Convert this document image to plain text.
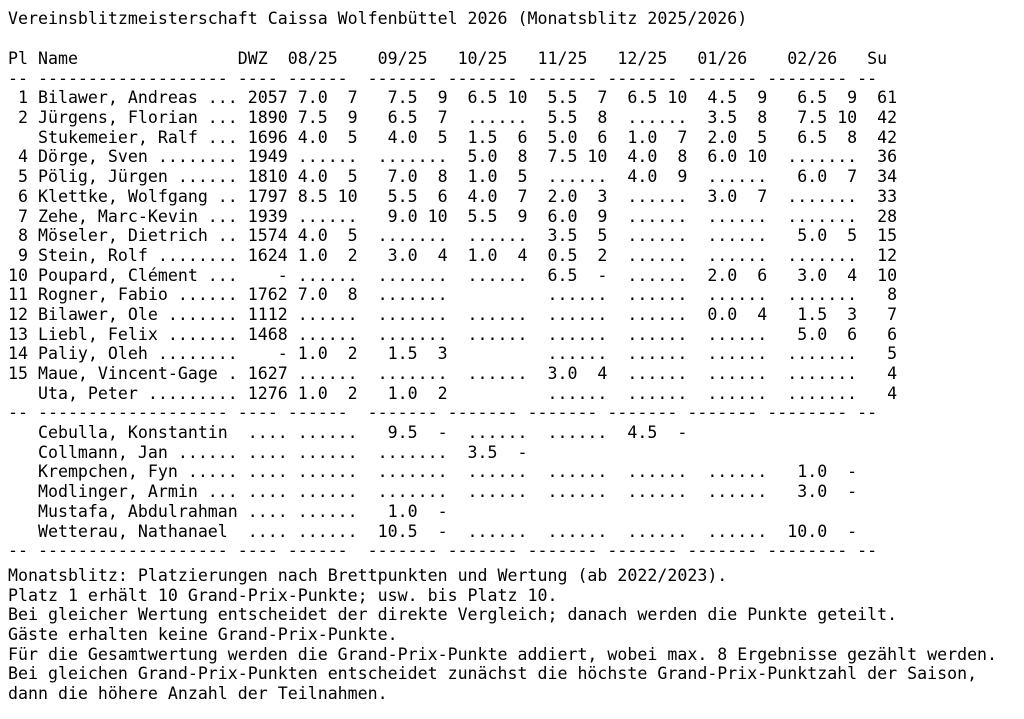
Vereinsblitzmeisterschaft Caissa Wolfenbüttel 2026 (Monatsblitz 2025/2026)
Pl Name                DWZ  08/25    09/25   10/25   11/25   12/25   01/26    02/26   Su
-- ------------------- ---- ------  ------- ------- ------- ------- ------- -------- --
1 Bilawer, Andreas ... 2057 7.0  7   7.5  9  6.5 10  5.5  7  6.5 10  4.5  9   6.5  9  61
2 Jürgens, Florian ... 1890 7.5  9   6.5  7  ......  5.5  8  ......  3.5  8   7.5 10  42
Stukemeier, Ralf ... 1696 4.0  5   4.0  5  1.5  6  5.0  6  1.0  7  2.0  5   6.5  8  42
4 Dörge, Sven ........ 1949 ......  .......  5.0  8  7.5 10  4.0  8  6.0 10  .......  36
5 Pölig, Jürgen ...... 1810 4.0  5   7.0  8  1.0  5  ......  4.0  9  ......   6.0  7  34
6 Klettke, Wolfgang .. 1797 8.5 10   5.5  6  4.0  7  2.0  3  ......  3.0  7  .......  33
7 Zehe, Marc-Kevin ... 1939 ......   9.0 10  5.5  9  6.0  9  ......  ......  .......  28
8 Möseler, Dietrich .. 1574 4.0  5  .......  ......  3.5  5  ......  ......   5.0  5  15
9 Stein, Rolf ........ 1624 1.0  2   3.0  4  1.0  4  0.5  2  ......  ......  .......  12
10 Poupard, Clément ...    - ......  .......  ......  6.5  -  ......  2.0  6   3.0  4  10
11 Rogner, Fabio ...... 1762 7.0  8  .......          ......  ......  ......  .......   8
12 Bilawer, Ole ....... 1112 ......  .......  ......  ......  ......  0.0  4   1.5  3   7
13 Liebl, Felix ....... 1468 ......  .......  ......  ......  ......  ......   5.0  6   6
14 Paliy, Oleh ........    - 1.0  2   1.5  3          ......  ......  ......  .......   5
15 Maue, Vincent-Gage . 1627 ......  .......  ......  3.0  4  ......  ......  .......   4
Uta, Peter ......... 1276 1.0  2   1.0  2          ......  ......  ......  .......   4
-- ------------------- ---- ------  ------- ------- ------- ------- ------- -------- --
Cebulla, Konstantin  .... ......   9.5  -  ......  ......  4.5  -
Collmann, Jan ...... .... ......  .......  3.5  -
Krempchen, Fyn ..... .... ......  .......  ......  ......  ......  ......   1.0  -
Modlinger, Armin ... .... ......  .......  ......  ......  ......  ......   3.0  -
Mustafa, Abdulrahman .... ......   1.0  -
Wetterau, Nathanael  .... ......  10.5  -  ......  ......  ......  ......  10.0  -
-- ------------------- ---- ------  ------- ------- ------- ------- ------- -------- --
Monatsblitz: Platzierungen nach Brettpunkten und Wertung (ab 2022/2023).
Platz 1 erhält 10 Grand-Prix-Punkte; usw. bis Platz 10.
Bei gleicher Wertung entscheidet der direkte Vergleich; danach werden die Punkte geteilt.
Gäste erhalten keine Grand-Prix-Punkte.
Für die Gesamtwertung werden die Grand-Prix-Punkte addiert, wobei max. 8 Ergebnisse gezählt werden.
Bei gleichen Grand-Prix-Punkten entscheidet zunächst die höchste Grand-Prix-Punktzahl der Saison,
dann die höhere Anzahl der Teilnahmen.
